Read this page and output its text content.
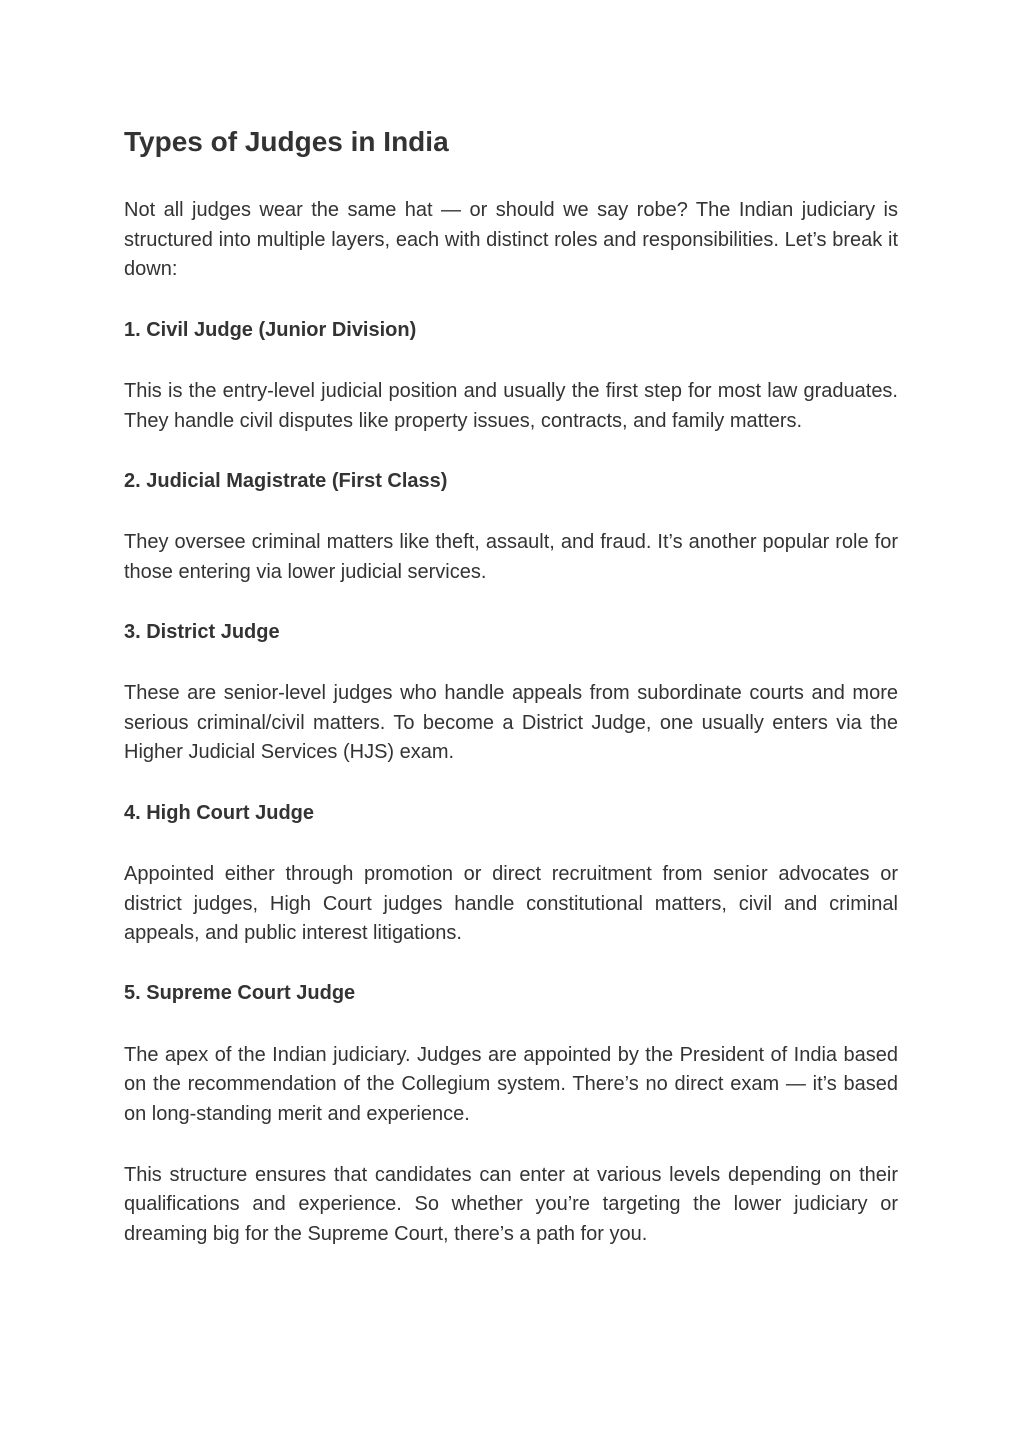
Types of Judges in India

Not all judges wear the same hat — or should we say robe? The Indian judiciary is structured into multiple layers, each with distinct roles and responsibilities. Let’s break it down:

1. Civil Judge (Junior Division)

This is the entry-level judicial position and usually the first step for most law graduates. They handle civil disputes like property issues, contracts, and family matters.

2. Judicial Magistrate (First Class)

They oversee criminal matters like theft, assault, and fraud. It’s another popular role for those entering via lower judicial services.

3. District Judge

These are senior-level judges who handle appeals from subordinate courts and more serious criminal/civil matters. To become a District Judge, one usually enters via the Higher Judicial Services (HJS) exam.

4. High Court Judge

Appointed either through promotion or direct recruitment from senior advocates or district judges, High Court judges handle constitutional matters, civil and criminal appeals, and public interest litigations.

5. Supreme Court Judge

The apex of the Indian judiciary. Judges are appointed by the President of India based on the recommendation of the Collegium system. There’s no direct exam — it’s based on long-standing merit and experience.

This structure ensures that candidates can enter at various levels depending on their qualifications and experience. So whether you’re targeting the lower judiciary or dreaming big for the Supreme Court, there’s a path for you.
